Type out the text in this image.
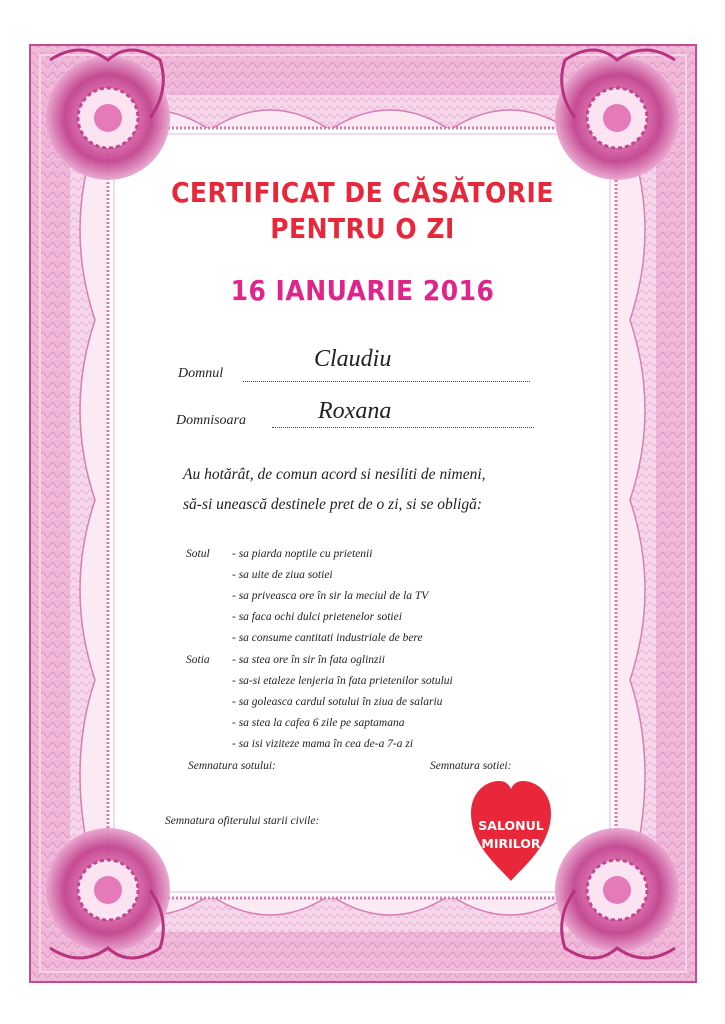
CERTIFICAT DE CĂSĂTORIE
PENTRU O ZI
16 IANUARIE 2016
Domnul
Claudiu
Domnisoara	Roxana
Au hotărât, de comun acord si nesiliti de nimeni,
să-si unească destinele pret de o zi, si se obligă:
Sotul - sa piarda noptile cu prietenii
- sa uite de ziua sotiei
- sa priveasca ore în sir la meciul de la TV
- sa faca ochi dulci prietenelor sotiei
- sa consume cantitati industriale de bere
Sotia - sa stea ore în sir în fata oglinzii
- sa-si etaleze lenjeria în fata prietenilor sotului
- sa goleasca cardul sotului în ziua de salariu
- sa stea la cafea 6 zile pe saptamana
- sa isi viziteze mama în cea de-a 7-a zi
Semnatura sotului:	Semnatura sotiei:
Semnatura ofiterului starii civile:	SALONUL
MIRILOR
